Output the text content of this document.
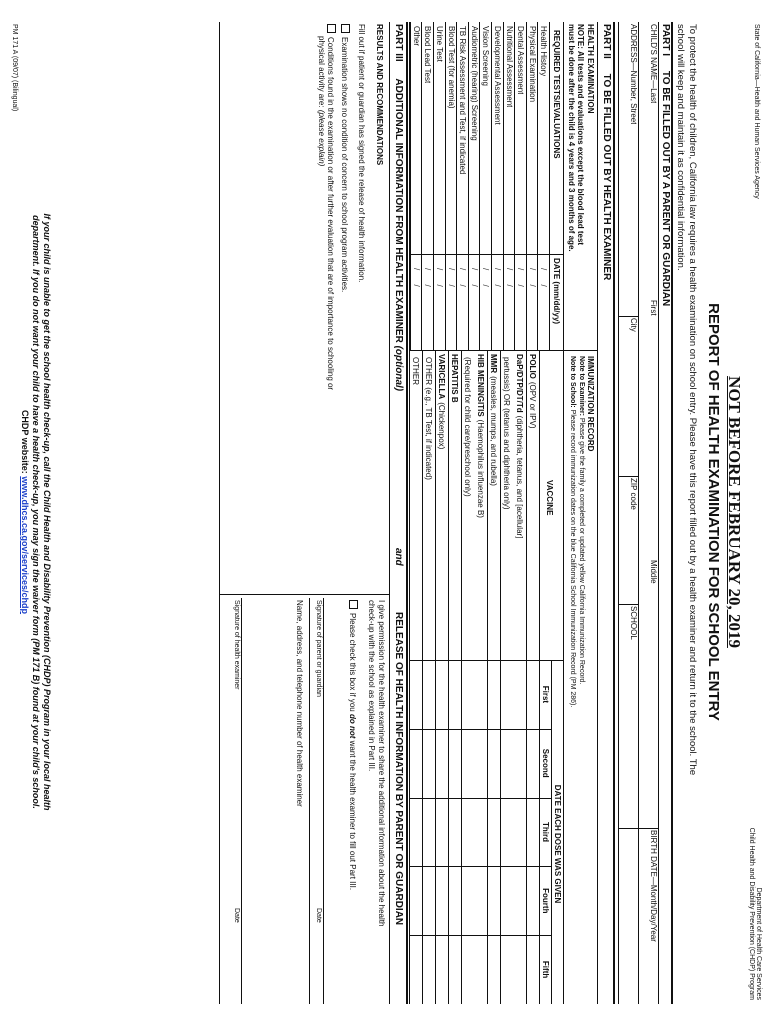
State of California—Health and Human Services Agency
Department of Health Care Services
Child Health and Disability Prevention (CHDP) Program
NOT BEFORE FEBRUARY 20, 2019
REPORT OF HEALTH EXAMINATION FOR SCHOOL ENTRY
To protect the health of children, California law requires a health examination on school entry. Please have this report filled out by a health examiner and return it to the school. The
school will keep and maintain it as confidential information.
PART I TO BE FILLED OUT BY A PARENT OR GUARDIAN
CHILD'S NAME—Last
First
Middle
BIRTH DATE—Month/Day/Year
ADDRESS—Number, Street
City
ZIP code
SCHOOL
PART II TO BE FILLED OUT BY HEALTH EXAMINER
HEALTH EXAMINATION
NOTE: All tests and evaluations except the blood lead test
must be done after the child is 4 years and 3 months of age.
REQUIRED TESTS/EVALUATIONS
DATE (mm/dd/yy)
IMMUNIZATION RECORD
Note to Examiner: Please give the family a completed or updated yellow California Immunization Record.
Note to School: Please record immunization dates on the blue California School Immunization Record (PM 286).
VACCINE
DATE EACH DOSE WAS GIVEN
PART III ADDITIONAL INFORMATION FROM HEALTH EXAMINER (optional)
and
RELEASE OF HEALTH INFORMATION BY PARENT OR GUARDIAN
RESULTS AND RECOMMENDATIONS
Fill out if patient or guardian has signed the release of health information.
Examination shows no condition of concern to school program activities.
Conditions found in the examination or after further evaluation that are of importance to schooling or
physical activity are: (please explain)
I give permission for the health examiner to share the additional information about the health
check-up with the school as explained in Part III.
Please check this box if you do not want the health examiner to fill out Part III.
Signature of parent or guardian
Date
Name, address, and telephone number of health examiner
Signature of health examiner
Date
If your child is unable to get the school health check-up, call the Child Health and Disability Prevention (CHDP) Program in your local health
department. If you do not want your child to have a health check-up, you may sign the waiver form (PM 171 B) found at your child's school.
CHDP website: www.dhcs.ca.gov/services/chdp
PM 171 A (09/07) (Bilingual)	Health History
/ /
Physical Examination
/ /
Dental Assessment
/ /
Nutritional Assessment
/ /
Developmental Assessment
/ /
Vision Screening
/ /
Audiometric (hearing) Screening
/ /
TB Risk Assessment and Test, if indicated
/ /
Blood Test (for anemia)
/ /
Urine Test
/ /
Blood Lead Test
/ /
Other
/ /
First
Second
Third
Fourth
Fifth
POLIO(OPV or IPV)
DaP/DTP/DT/Td(diphtheria, tetanus, and [acellular]
pertussis) OR (tetanus and diphtheria only)
MMR(measles, mumps, and rubella)
HIB MENINGITIS(Haemophilus influenzae B)
(Required for child care/preschool only)
HEPATITIS B
VARICELLA(Chickenpox)
OTHER (e.g., TB Test, if indicated)
OTHER
